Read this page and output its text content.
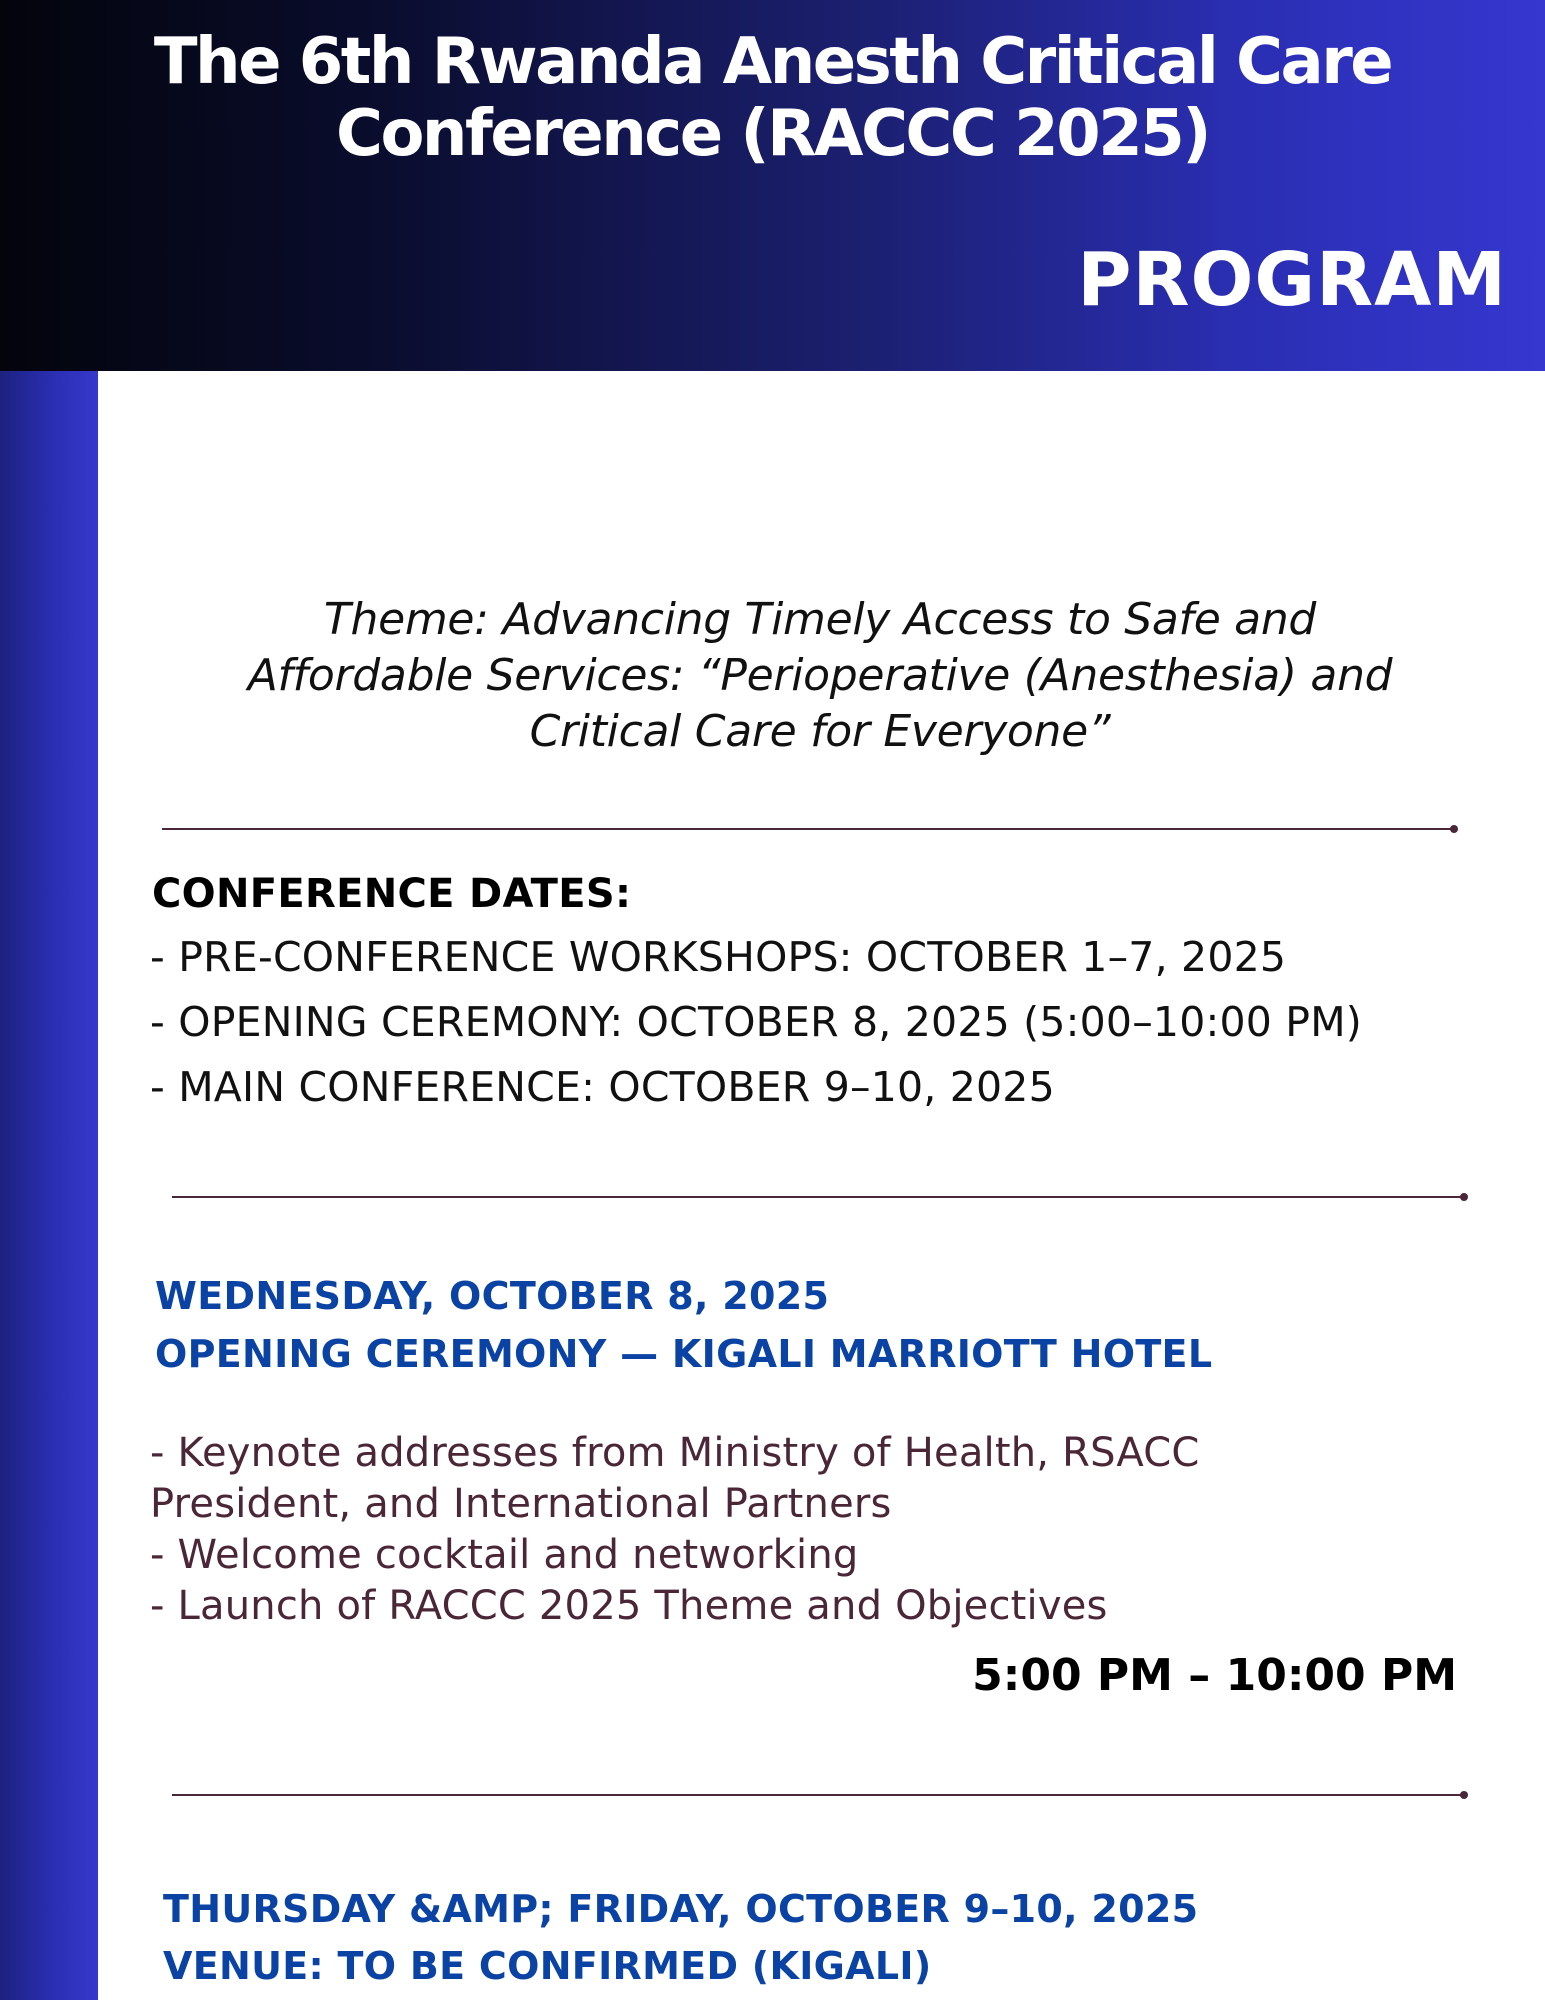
The 6th Rwanda Anesth Critical Care
Conference (RACCC 2025)
PROGRAM
Theme: Advancing Timely Access to Safe and
Affordable Services: “Perioperative (Anesthesia) and
Critical Care for Everyone”
CONFERENCE DATES:
- PRE-CONFERENCE WORKSHOPS: OCTOBER 1–7, 2025
- OPENING CEREMONY: OCTOBER 8, 2025 (5:00–10:00 PM)
- MAIN CONFERENCE: OCTOBER 9–10, 2025
WEDNESDAY, OCTOBER 8, 2025
OPENING CEREMONY — KIGALI MARRIOTT HOTEL
- Keynote addresses from Ministry of Health, RSACC
President, and International Partners
- Welcome cocktail and networking
- Launch of RACCC 2025 Theme and Objectives
5:00 PM – 10:00 PM
THURSDAY &AMP; FRIDAY, OCTOBER 9–10, 2025
VENUE: TO BE CONFIRMED (KIGALI)
